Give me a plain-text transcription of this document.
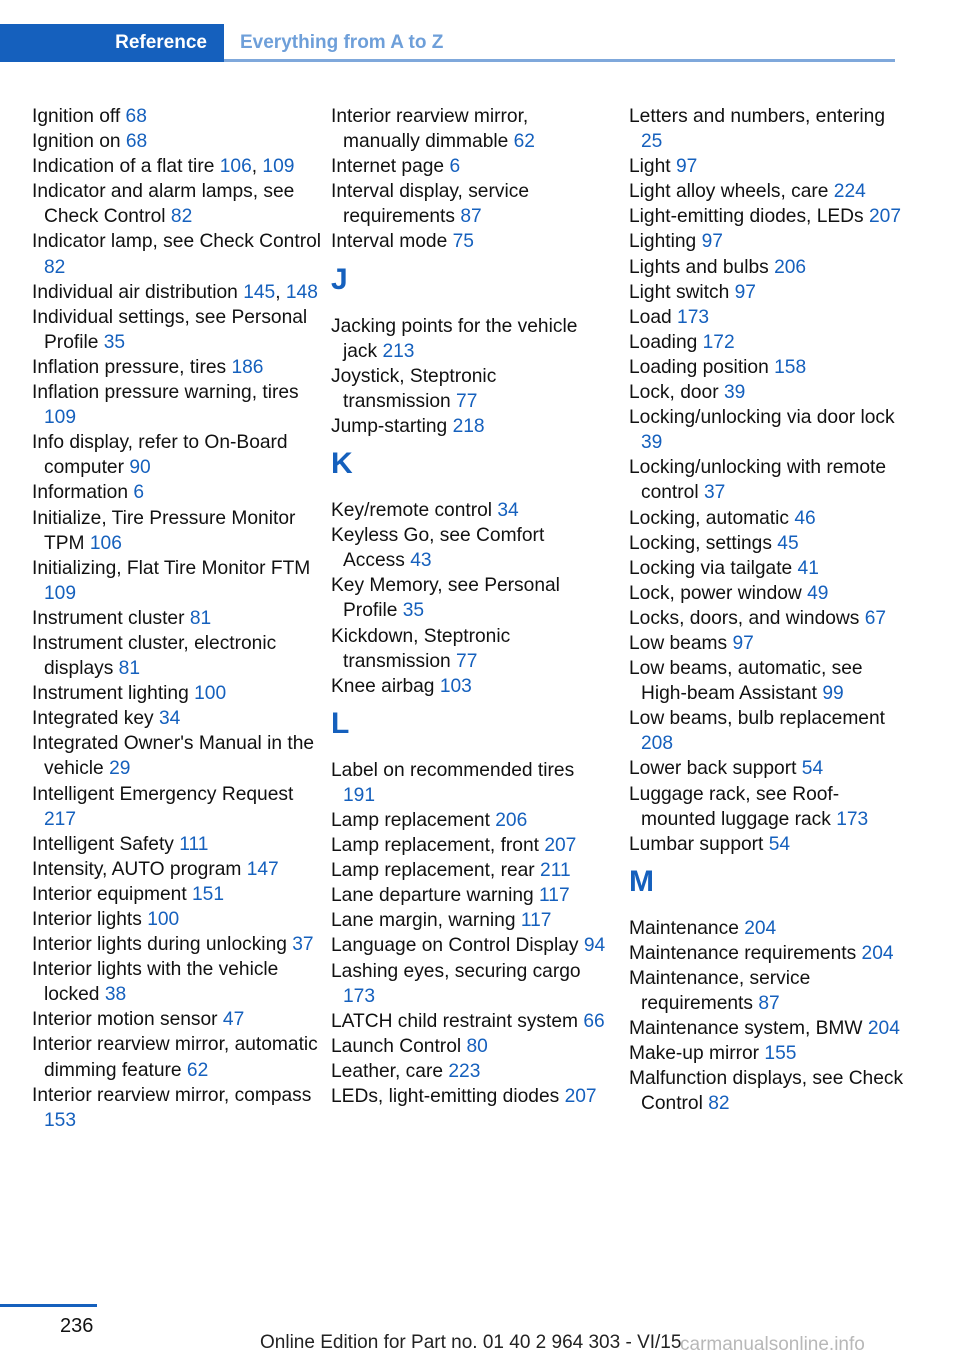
Reference	Everything from A to Z

Ignition off 68

Ignition on 68

Indication of a flat tire 106, 109

Indicator and alarm lamps, see Check Control 82

Indicator lamp, see Check Control 82

Individual air distribution 145, 148

Individual settings, see Personal Profile 35

Inflation pressure, tires 186

Inflation pressure warning, tires 109

Info display, refer to On-Board computer 90

Information 6

Initialize, Tire Pressure Monitor TPM 106

Initializing, Flat Tire Monitor FTM 109

Instrument cluster 81

Instrument cluster, electronic displays 81

Instrument lighting 100

Integrated key 34

Integrated Owner's Manual in the vehicle 29

Intelligent Emergency Request 217

Intelligent Safety 111

Intensity, AUTO program 147

Interior equipment 151

Interior lights 100

Interior lights during unlocking 37

Interior lights with the vehicle locked 38

Interior motion sensor 47

Interior rearview mirror, automatic dimming feature 62

Interior rearview mirror, compass 153

Interior rearview mirror, manually dimmable 62

Internet page 6

Interval display, service requirements 87

Interval mode 75

J

Jacking points for the vehicle jack 213

Joystick, Steptronic transmission 77

Jump-starting 218

K

Key/remote control 34

Keyless Go, see Comfort Access 43

Key Memory, see Personal Profile 35

Kickdown, Steptronic transmission 77

Knee airbag 103

L

Label on recommended tires 191

Lamp replacement 206

Lamp replacement, front 207

Lamp replacement, rear 211

Lane departure warning 117

Lane margin, warning 117

Language on Control Display 94

Lashing eyes, securing cargo 173

LATCH child restraint system 66

Launch Control 80

Leather, care 223

LEDs, light-emitting diodes 207

Letters and numbers, entering 25

Light 97

Light alloy wheels, care 224

Light-emitting diodes, LEDs 207

Lighting 97

Lights and bulbs 206

Light switch 97

Load 173

Loading 172

Loading position 158

Lock, door 39

Locking/unlocking via door lock 39

Locking/unlocking with remote control 37

Locking, automatic 46

Locking, settings 45

Locking via tailgate 41

Lock, power window 49

Locks, doors, and windows 67

Low beams 97

Low beams, automatic, see High-beam Assistant 99

Low beams, bulb replacement 208

Lower back support 54

Luggage rack, see Roof-mounted luggage rack 173

Lumbar support 54

M

Maintenance 204

Maintenance requirements 204

Maintenance, service requirements 87

Maintenance system, BMW 204

Make-up mirror 155

Malfunction displays, see Check Control 82

236
Online Edition for Part no. 01 40 2 964 303 - VI/15
carmanualsonline.info
